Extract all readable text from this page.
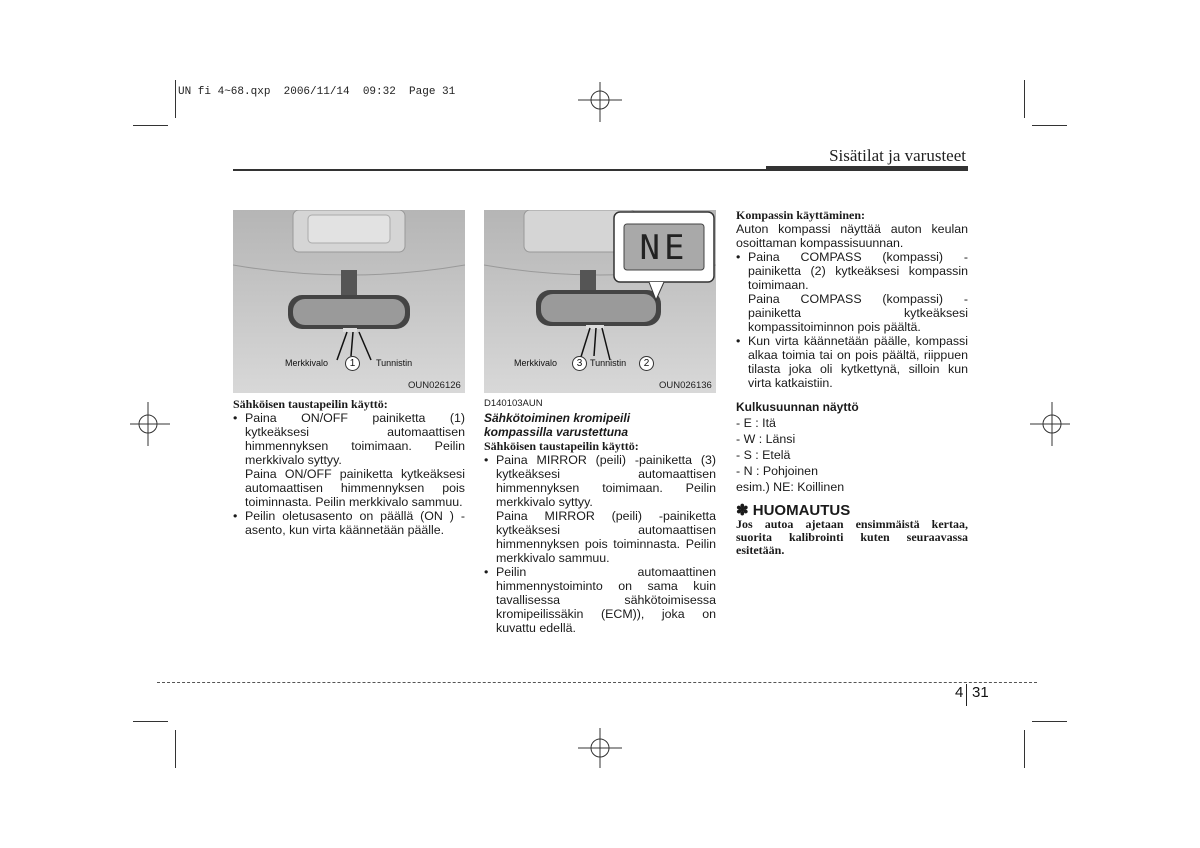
UN fi 4~68.qxp  2006/11/14  09:32  Page 31
Sisätilat ja varusteet
Merkkivalo	1	Tunnistin
OUN026126
NE
Merkkivalo	3 Tunnistin	2
OUN026136
Sähköisen taustapeilin käyttö:
• Paina ON/OFF painiketta (1) kytkeäksesi automaattisen himmennyksen toimimaan. Peilin merkkivalo syttyy.
Paina ON/OFF painiketta kytkeäksesi automaattisen himmennyksen pois toiminnasta. Peilin merkkivalo sammuu.
• Peilin oletusasento on päällä (ON ) -asento, kun virta käännetään päälle.
D140103AUN
Sähkötoiminen kromipeili
kompassilla varustettuna
Sähköisen taustapeilin käyttö:
• Paina MIRROR (peili) -painiketta (3) kytkeäksesi automaattisen himmennyksen toimimaan. Peilin merkkivalo syttyy.
Paina MIRROR (peili) -painiketta kytkeäksesi automaattisen himmennyksen pois toiminnasta. Peilin merkkivalo sammuu.
• Peilin automaattinen himmennystoiminto on sama kuin tavallisessa sähkötoimisessa kromipeilissäkin (ECM)), joka on kuvattu edellä.
Kompassin käyttäminen:
Auton kompassi näyttää auton keulan osoittaman kompassisuunnan.
• Paina COMPASS (kompassi) -painiketta (2) kytkeäksesi kompassin toimimaan.
Paina COMPASS (kompassi) -painiketta kytkeäksesi kompassitoiminnon pois päältä.
• Kun virta käännetään päälle, kompassi alkaa toimia tai on pois päältä, riippuen tilasta joka oli kytkettynä, silloin kun virta katkaistiin.
Kulkusuunnan näyttö
- E : Itä
- W : Länsi
- S : Etelä
- N : Pohjoinen
esim.) NE: Koillinen
✽ HUOMAUTUS
Jos autoa ajetaan ensimmäistä kertaa, suorita kalibrointi kuten seuraavassa esitetään.
4 31
